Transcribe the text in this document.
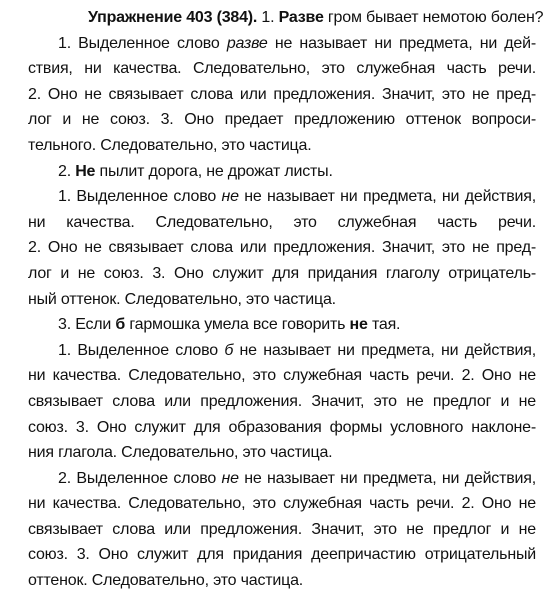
Упражнение 403 (384). 1. Разве гром бывает немотою болен?
1. Выделенное слово разве не называет ни предмета, ни дей-
ствия, ни качества. Следовательно, это служебная часть речи.
2. Оно не связывает слова или предложения. Значит, это не пред-
лог и не союз. 3. Оно предает предложению оттенок вопроси-
тельного. Следовательно, это частица.
2. Не пылит дорога, не дрожат листы.
1. Выделенное слово не не называет ни предмета, ни действия,
ни качества. Следовательно, это служебная часть речи.
2. Оно не связывает слова или предложения. Значит, это не пред-
лог и не союз. 3. Оно служит для придания глаголу отрицатель-
ный оттенок. Следовательно, это частица.
3. Если б гармошка умела все говорить не тая.
1. Выделенное слово б не называет ни предмета, ни действия,
ни качества. Следовательно, это служебная часть речи. 2. Оно не
связывает слова или предложения. Значит, это не предлог и не
союз. 3. Оно служит для образования формы условного наклоне-
ния глагола. Следовательно, это частица.
2. Выделенное слово не не называет ни предмета, ни действия,
ни качества. Следовательно, это служебная часть речи. 2. Оно не
связывает слова или предложения. Значит, это не предлог и не
союз. 3. Оно служит для придания деепричастию отрицательный
оттенок. Следовательно, это частица.
